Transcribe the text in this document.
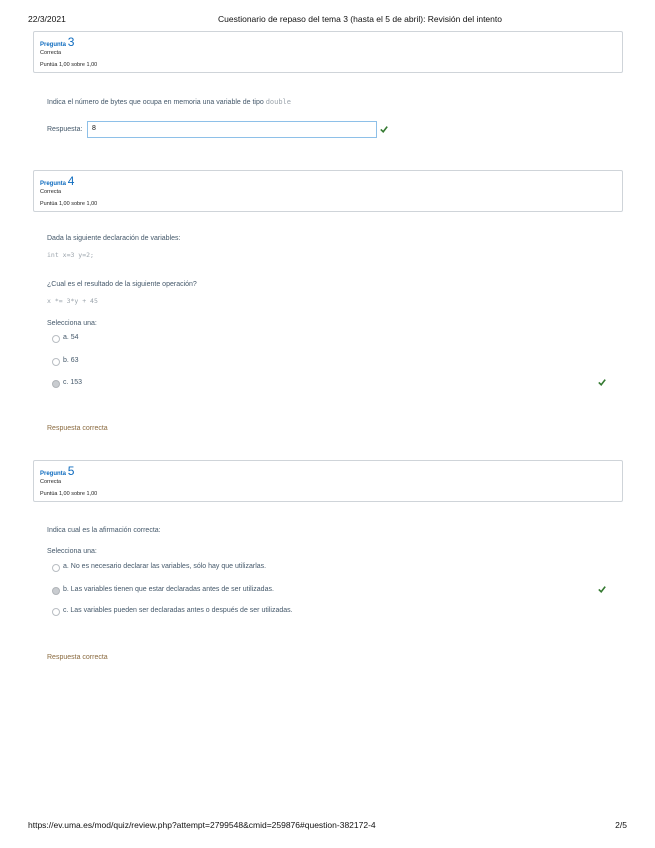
22/3/2021	Cuestionario de repaso del tema 3 (hasta el 5 de abril): Revisión del intento
Pregunta 3
Correcta
Puntúa 1,00 sobre 1,00
Indica el número de bytes que ocupa en memoria una variable de tipo double
Respuesta:	8
Pregunta 4
Correcta
Puntúa 1,00 sobre 1,00
Dada la siguiente declaración de variables:
int x=3 y=2;
¿Cual es el resultado de la siguiente operación?
x *= 3*y + 45
Selecciona una:
a. 54
b. 63
c. 153
Respuesta correcta
Pregunta 5
Correcta
Puntúa 1,00 sobre 1,00
Indica cual es la afirmación correcta:
Selecciona una:
a. No es necesario declarar las variables, sólo hay que utilizarlas.
b. Las variables tienen que estar declaradas antes de ser utilizadas.
c. Las variables pueden ser declaradas antes o después de ser utilizadas.
Respuesta correcta
https://ev.uma.es/mod/quiz/review.php?attempt=2799548&cmid=259876#question-382172-4	2/5
